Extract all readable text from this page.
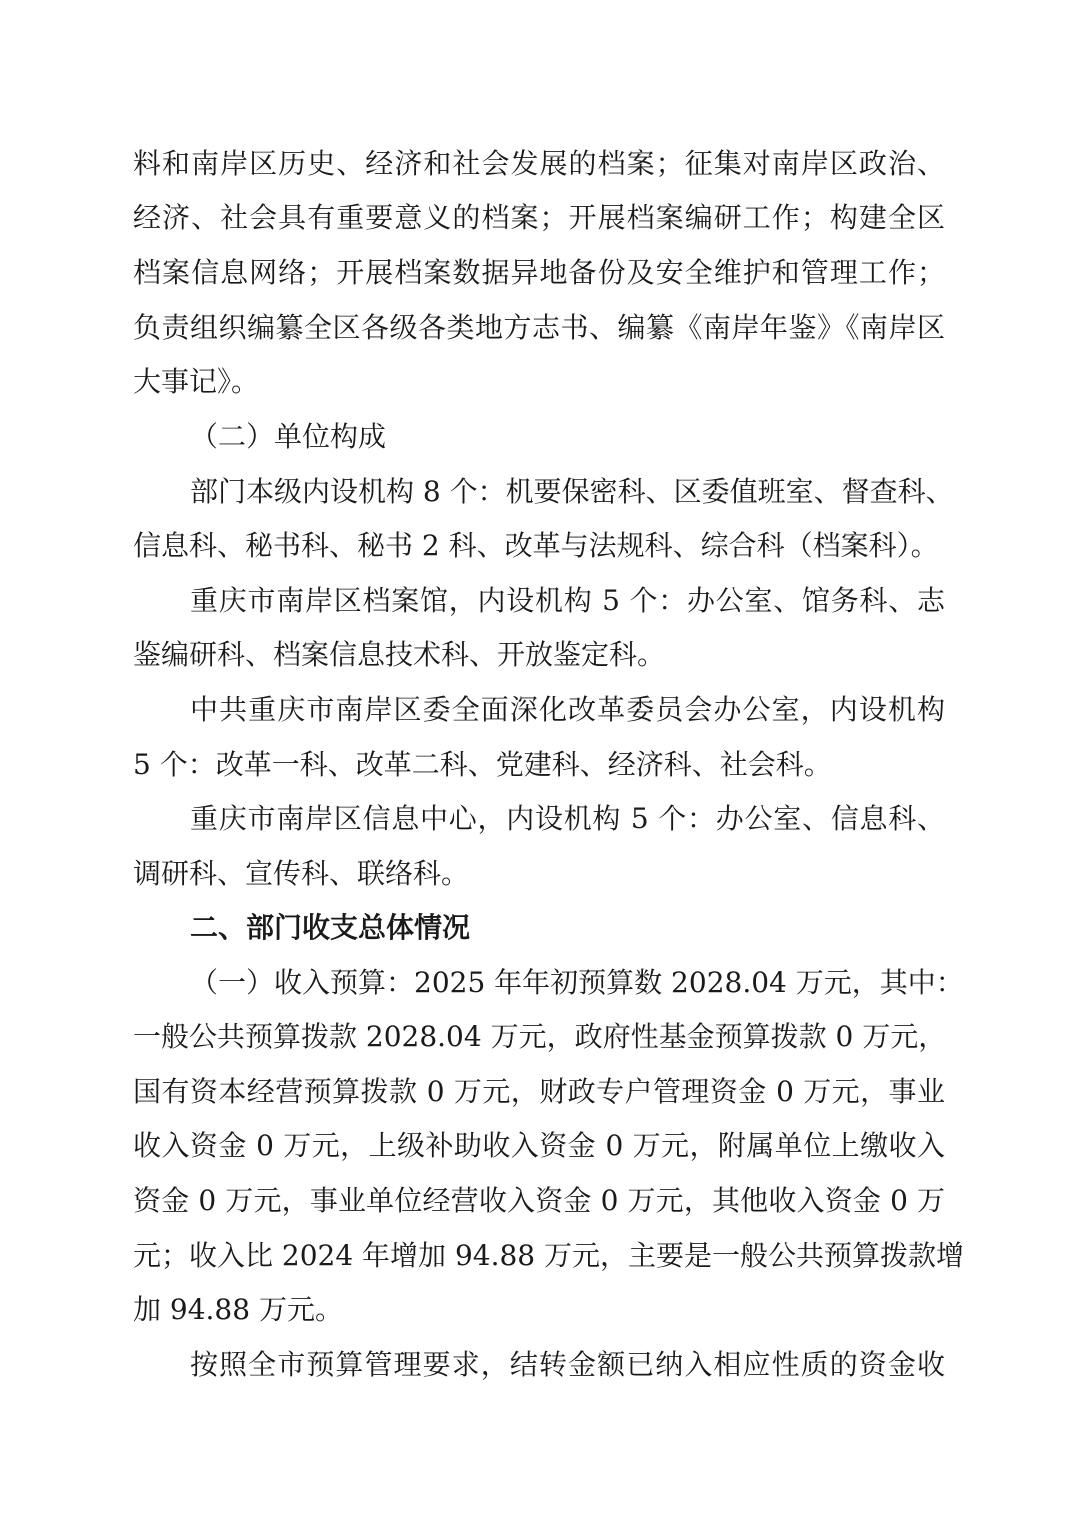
料和南岸区历史、经济和社会发展的档案；征集对南岸区政治、
经济、社会具有重要意义的档案；开展档案编研工作；构建全区
档案信息网络；开展档案数据异地备份及安全维护和管理工作；
负责组织编纂全区各级各类地方志书、编纂《南岸年鉴》《南岸区
大事记》。
（二）单位构成
部门本级内设机构 8 个：机要保密科、区委值班室、督查科、
信息科、秘书科、秘书 2 科、改革与法规科、综合科（档案科）。
重庆市南岸区档案馆，内设机构 5 个：办公室、馆务科、志
鉴编研科、档案信息技术科、开放鉴定科。
中共重庆市南岸区委全面深化改革委员会办公室，内设机构
5 个：改革一科、改革二科、党建科、经济科、社会科。
重庆市南岸区信息中心，内设机构 5 个：办公室、信息科、
调研科、宣传科、联络科。
二、部门收支总体情况
（一）收入预算：2025 年年初预算数 2028.04 万元，其中：
一般公共预算拨款 2028.04 万元，政府性基金预算拨款 0 万元，
国有资本经营预算拨款 0 万元，财政专户管理资金 0 万元，事业
收入资金 0 万元，上级补助收入资金 0 万元，附属单位上缴收入
资金 0 万元，事业单位经营收入资金 0 万元，其他收入资金 0 万
元；收入比 2024 年增加 94.88 万元，主要是一般公共预算拨款增
加 94.88 万元。
按照全市预算管理要求，结转金额已纳入相应性质的资金收
